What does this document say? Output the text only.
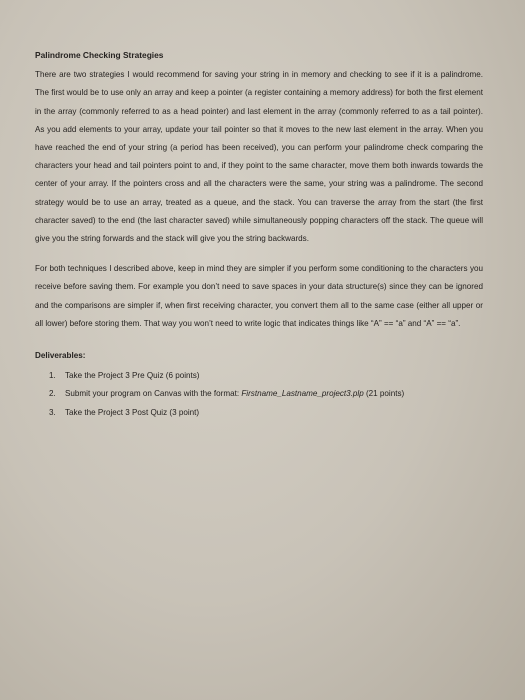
Palindrome Checking Strategies

There are two strategies I would recommend for saving your string in in memory and checking to see if it is a palindrome. The first would be to use only an array and keep a pointer (a register containing a memory address) for both the first element in the array (commonly referred to as a head pointer) and last element in the array (commonly referred to as a tail pointer). As you add elements to your array, update your tail pointer so that it moves to the new last element in the array. When you have reached the end of your string (a period has been received), you can perform your palindrome check comparing the characters your head and tail pointers point to and, if they point to the same character, move them both inwards towards the center of your array. If the pointers cross and all the characters were the same, your string was a palindrome. The second strategy would be to use an array, treated as a queue, and the stack. You can traverse the array from the start (the first character saved) to the end (the last character saved) while simultaneously popping characters off the stack. The queue will give you the string forwards and the stack will give you the string backwards.

For both techniques I described above, keep in mind they are simpler if you perform some conditioning to the characters you receive before saving them. For example you don’t need to save spaces in your data structure(s) since they can be ignored and the comparisons are simpler if, when first receiving character, you convert them all to the same case (either all upper or all lower) before storing them. That way you won’t need to write logic that indicates things like “A” == “a” and “A” == “a”.

Deliverables:
1.	Take the Project 3 Pre Quiz (6 points)
2.	Submit your program on Canvas with the format: Firstname_Lastname_project3.plp (21 points)
3.	Take the Project 3 Post Quiz (3 point)
